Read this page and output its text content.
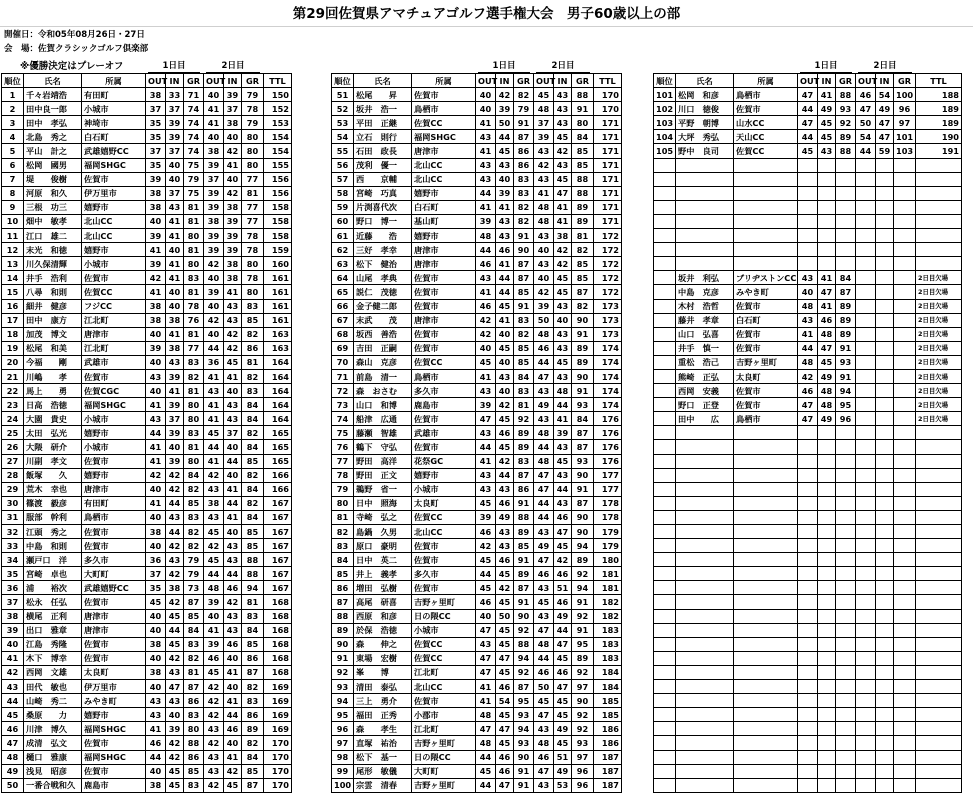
第29回佐賀県アマチュアゴルフ選手権大会　男子60歳以上の部
開催日：令和05年08月26日・27日
会　場：佐賀クラシックゴルフ倶楽部
※優勝決定はプレーオフ
順位	氏名	所属	OUT	IN	GR	OUT	IN	GR	TTL
1	千々岩靖浩	有田町	38	33	71	40	39	79	150
2	田中良一郎	小城市	37	37	74	41	37	78	152
3	田中　孝弘	神埼市	35	39	74	41	38	79	153
4	北島　秀之	白石町	35	39	74	40	40	80	154
5	平山　計之	武雄嬉野CC	37	37	74	38	42	80	154
6	松岡　國男	福岡SHGC	35	40	75	39	41	80	155
7	堤　　俊樹	佐賀市	39	40	79	37	40	77	156
8	河原　和久	伊万里市	38	37	75	39	42	81	156
9	三根　功三	嬉野市	38	43	81	39	38	77	158
10	畑中　敏孝	北山CC	40	41	81	38	39	77	158
11	江口　雄二	北山CC	39	41	80	39	39	78	158
12	末光　和徳	嬉野市	41	40	81	39	39	78	159
13	川久保清輝	小城市	39	41	80	42	38	80	160
14	井手　浩利	佐賀市	42	41	83	40	38	78	161
15	八尋　和則	佐賀CC	41	40	81	39	41	80	161
16	細井　健彦	フジCC	38	40	78	40	43	83	161
17	田中　康方	江北町	38	38	76	42	43	85	161
18	加茂　博文	唐津市	40	41	81	40	42	82	163
19	松尾　和美	江北町	39	38	77	44	42	86	163
20	今福　　剛	武雄市	40	43	83	36	45	81	164
21	川嶋　　孝	佐賀市	43	39	82	41	41	82	164
22	馬上　　勇	佐賀CGC	40	41	81	43	40	83	164
23	日高　浩徳	福岡SHGC	41	39	80	41	43	84	164
24	大園　貴史	小城市	43	37	80	41	43	84	164
25	太田　弘光	嬉野市	44	39	83	45	37	82	165
26	大隈　研介	小城市	41	40	81	44	40	84	165
27	川副　孝文	佐賀市	41	39	80	41	44	85	165
28	飯塚　　久	嬉野市	42	42	84	42	40	82	166
29	荒木　幸也	唐津市	40	42	82	43	41	84	166
30	篠渡　毅彦	有田町	41	44	85	38	44	82	167
31	服部　幹利	鳥栖市	40	43	83	43	41	84	167
32	江頭　秀之	佐賀市	38	44	82	45	40	85	167
33	中島　和則	佐賀市	40	42	82	42	43	85	167
34	瀬戸口　洋	多久市	36	43	79	45	43	88	167
35	宮崎　卓也	大町町	37	42	79	44	44	88	167
36	浦　　裕次	武雄嬉野CC	35	38	73	48	46	94	167
37	松永　任弘	佐賀市	45	42	87	39	42	81	168
38	横尾　正利	唐津市	40	45	85	40	43	83	168
39	出口　雅章	唐津市	40	44	84	41	43	84	168
40	江島　秀隆	佐賀市	38	45	83	39	46	85	168
41	木下　博幸	佐賀市	40	42	82	46	40	86	168
42	西岡　文雄	太良町	38	43	81	45	41	87	168
43	田代　敏也	伊万里市	40	47	87	42	40	82	169
44	山崎　秀二	みやき町	43	43	86	42	41	83	169
45	桑原　　力	嬉野市	43	40	83	42	44	86	169
46	川津　博久	福岡SHGC	41	39	80	43	46	89	169
47	成清　弘文	佐賀市	46	42	88	42	40	82	170
48	樋口　雅康	福岡SHGC	44	42	86	43	41	84	170
49	浅見　昭彦	佐賀市	40	45	85	43	42	85	170
50	一番合戦和久	鹿島市	38	45	83	42	45	87	170
順位	氏名	所属	OUT	IN	GR	OUT	IN	GR	TTL
51	松尾　　昇	佐賀市	40	42	82	45	43	88	170
52	坂井　浩一	鳥栖市	40	39	79	48	43	91	170
53	平田　正継	佐賀CC	41	50	91	37	43	80	171
54	立石　則行	福岡SHGC	43	44	87	39	45	84	171
55	石田　政長	唐津市	41	45	86	43	42	85	171
56	茂利　優一	北山CC	43	43	86	42	43	85	171
57	西　　京輔	北山CC	43	40	83	43	45	88	171
58	宮崎　巧真	嬉野市	44	39	83	41	47	88	171
59	片渕喜代次	白石町	41	41	82	48	41	89	171
60	野口　博一	基山町	39	43	82	48	41	89	171
61	近藤　　浩	嬉野市	48	43	91	43	38	81	172
62	三好　孝幸	唐津市	44	46	90	40	42	82	172
63	松下　健治	唐津市	46	41	87	43	42	85	172
64	山尾　孝典	佐賀市	43	44	87	40	45	85	172
65	説仁　茂徳	佐賀市	41	44	85	42	45	87	172
66	金子健二郎	佐賀市	46	45	91	39	43	82	173
67	末武　　茂	唐津市	42	41	83	50	40	90	173
68	坂西　善浩	佐賀市	42	40	82	48	43	91	173
69	吉田　正嗣	佐賀市	40	45	85	46	43	89	174
70	森山　克彦	佐賀CC	45	40	85	44	45	89	174
71	前島　清一	鳥栖市	41	43	84	47	43	90	174
72	森　おさむ	多久市	43	40	83	43	48	91	174
73	山口　和博	鹿島市	39	42	81	49	44	93	174
74	船津　広通	佐賀市	47	45	92	43	41	84	176
75	藤瀬　智雄	武雄市	43	46	89	48	39	87	176
76	鶴下　守弘	佐賀市	44	45	89	44	43	87	176
77	野田　高洋	花祭GC	41	42	83	48	45	93	176
78	野田　正文	嬉野市	43	44	87	47	43	90	177
79	鵜野　省一	小城市	43	43	86	47	44	91	177
80	日中　照海	太良町	45	46	91	44	43	87	178
81	寺崎　弘之	佐賀CC	39	49	88	44	46	90	178
82	島鍋　久男	北山CC	46	43	89	43	47	90	179
83	原口　豪明	佐賀市	42	43	85	49	45	94	179
84	日中　英二	佐賀市	45	46	91	47	42	89	180
85	井上　義孝	多久市	44	45	89	46	46	92	181
86	増田　弘樹	佐賀市	45	42	87	43	51	94	181
87	高尾　研喜	吉野ヶ里町	46	45	91	45	46	91	182
88	西原　和彦	日の隈CC	40	50	90	43	49	92	182
89	於保　浩徳	小城市	47	45	92	47	44	91	183
90	森　　伸之	佐賀CC	43	45	88	48	47	95	183
91	東場　宏樹	佐賀CC	47	47	94	44	45	89	183
92	峯　　博	江北町	47	45	92	46	46	92	184
93	清田　泰弘	北山CC	41	46	87	50	47	97	184
94	三上　勇介	佐賀市	41	54	95	45	45	90	185
95	福田　正秀	小郡市	48	45	93	47	45	92	185
96	森　　孝生	江北町	47	47	94	43	49	92	186
97	直塚　祐治	吉野ヶ里町	48	45	93	48	45	93	186
98	松下　基一	日の隈CC	44	46	90	46	51	97	187
99	尾形　敏儀	大町町	45	46	91	47	49	96	187
100	宗雲　清春	吉野ヶ里町	44	47	91	43	53	96	187
順位	氏名	所属	OUT	IN	GR	OUT	IN	GR	TTL
101	松岡　和彦	鳥栖市	47	41	88	46	54	100	188
102	川口　徳俊	佐賀市	44	49	93	47	49	96	189
103	平野　朝博	山水CC	47	45	92	50	47	97	189
104	大坪　秀弘	天山CC	44	45	89	54	47	101	190
105	野中　良司	佐賀CC	45	43	88	44	59	103	191

	坂井　利弘	ブリヂストンCC	43	41	84				2日目欠場
	中島　克彦	みやき町	40	47	87				2日目欠場
	木村　浩哲	佐賀市	48	41	89				2日目欠場
	藤井　孝章	白石町	43	46	89				2日目欠場
	山口　弘喜	佐賀市	41	48	89				2日目欠場
	井手　慎一	佐賀市	44	47	91				2日目欠場
	重松　浩己	吉野ヶ里町	48	45	93				2日目欠場
	熊崎　正弘	太良町	42	49	91				2日目欠場
	西岡　安義	佐賀市	46	48	94				2日目欠場
	野口　正登	佐賀市	47	48	95				2日目欠場
	田中　　広	鳥栖市	47	49	96				2日目欠場

1日目	2日目	1日目	2日目	1日目	2日目
